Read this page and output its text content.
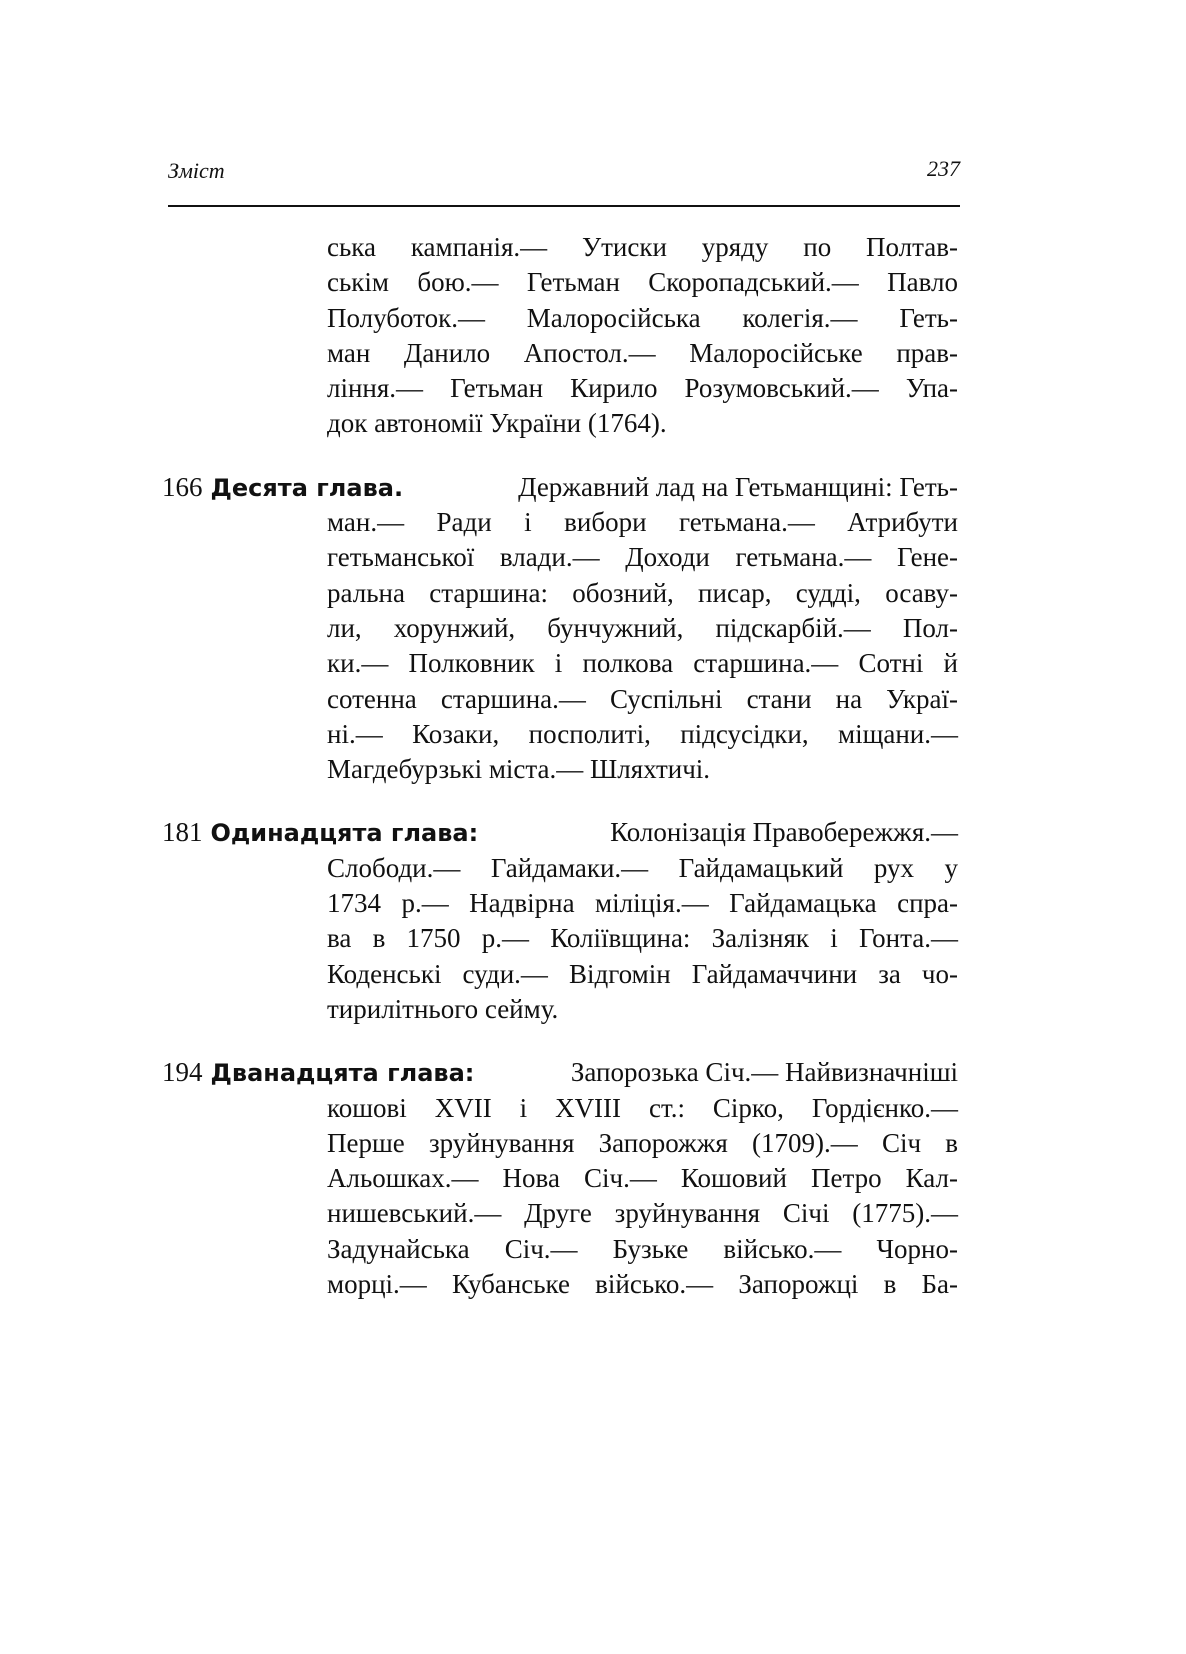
Зміст	237
ська кампанія.— Утиски уряду по Полтав-
ськім бою.— Гетьман Скоропадський.— Павло
Полуботок.— Малоросійська колегія.— Геть-
ман Данило Апостол.— Малоросійське прав-
ління.— Гетьман Кирило Розумовський.— Упа-
док автономії України (1764).
166 Десята глава.	Державний лад на Гетьманщині: Геть-
ман.— Ради і вибори гетьмана.— Атрибути
гетьманської влади.— Доходи гетьмана.— Гене-
ральна старшина: обозний, писар, судді, осаву-
ли, хорунжий, бунчужний, підскарбій.— Пол-
ки.— Полковник і полкова старшина.— Сотні й
сотенна старшина.— Суспільні стани на Украї-
ні.— Козаки, посполиті, підсусідки, міщани.—
Магдебурзькі міста.— Шляхтичі.
181 Одинадцята глава:	Колонізація Правобережжя.—
Слободи.— Гайдамаки.— Гайдамацький рух у
1734 р.— Надвірна міліція.— Гайдамацька спра-
ва в 1750 р.— Коліївщина: Залізняк і Гонта.—
Коденські суди.— Відгомін Гайдамаччини за чо-
тирилітнього сейму.
194 Дванадцята глава:	Запорозька Січ.— Найвизначніші
кошові XVII і XVIII ст.: Сірко, Гордієнко.—
Перше зруйнування Запорожжя (1709).— Січ в
Альошках.— Нова Січ.— Кошовий Петро Кал-
нишевський.— Друге зруйнування Січі (1775).—
Задунайська Січ.— Бузьке військо.— Чорно-
морці.— Кубанське військо.— Запорожці в Ба-
